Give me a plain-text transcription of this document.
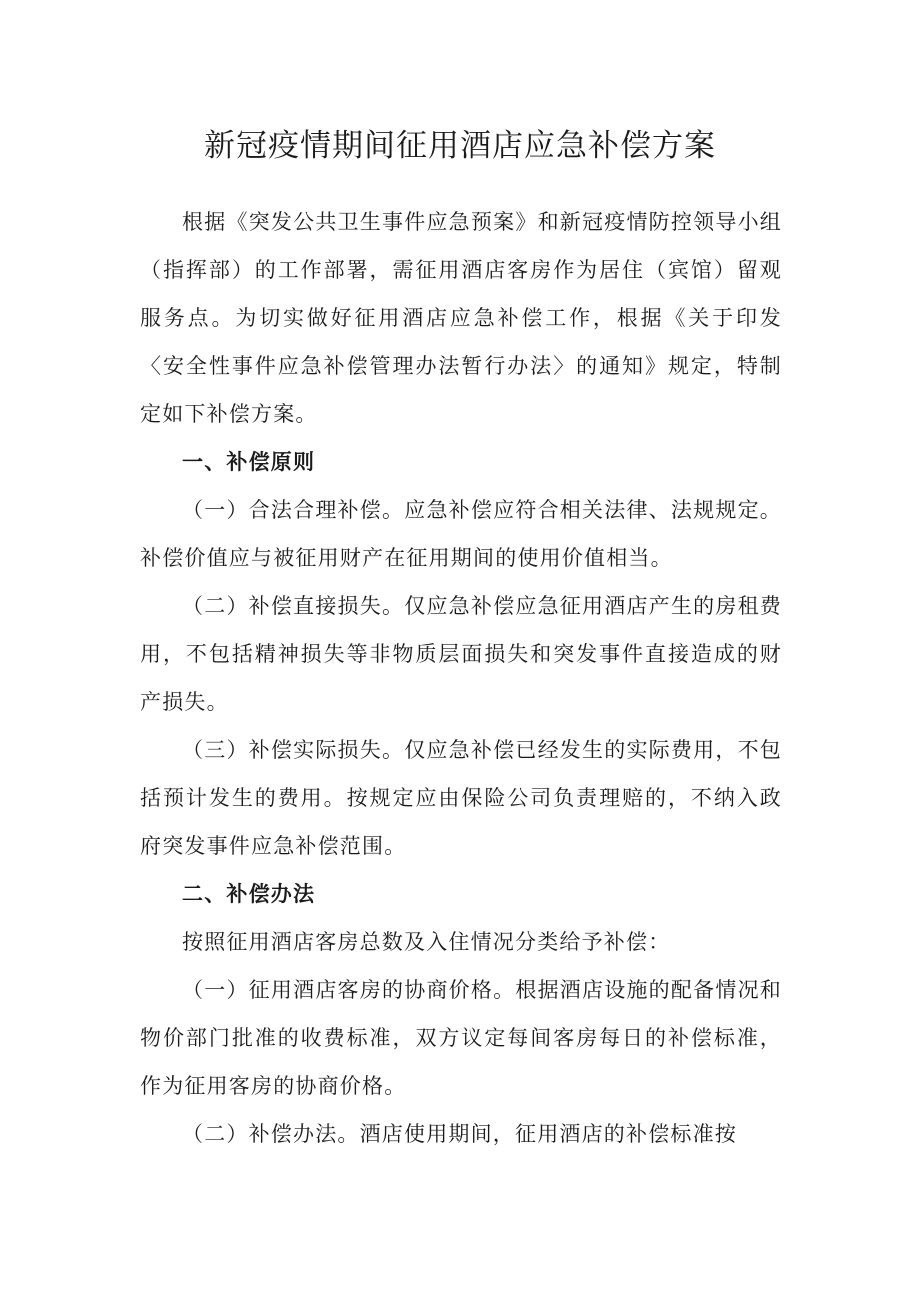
新冠疫情期间征用酒店应急补偿方案

根据《突发公共卫生事件应急预案》和新冠疫情防控领导小组（指挥部）的工作部署，需征用酒店客房作为居住（宾馆）留观服务点。为切实做好征用酒店应急补偿工作，根据《关于印发〈安全性事件应急补偿管理办法暂行办法〉的通知》规定，特制定如下补偿方案。

一、补偿原则

（一）合法合理补偿。应急补偿应符合相关法律、法规规定。补偿价值应与被征用财产在征用期间的使用价值相当。

（二）补偿直接损失。仅应急补偿应急征用酒店产生的房租费用，不包括精神损失等非物质层面损失和突发事件直接造成的财产损失。

（三）补偿实际损失。仅应急补偿已经发生的实际费用，不包括预计发生的费用。按规定应由保险公司负责理赔的，不纳入政府突发事件应急补偿范围。

二、补偿办法

按照征用酒店客房总数及入住情况分类给予补偿：

（一）征用酒店客房的协商价格。根据酒店设施的配备情况和物价部门批准的收费标准，双方议定每间客房每日的补偿标准，作为征用客房的协商价格。

（二）补偿办法。酒店使用期间，征用酒店的补偿标准按
